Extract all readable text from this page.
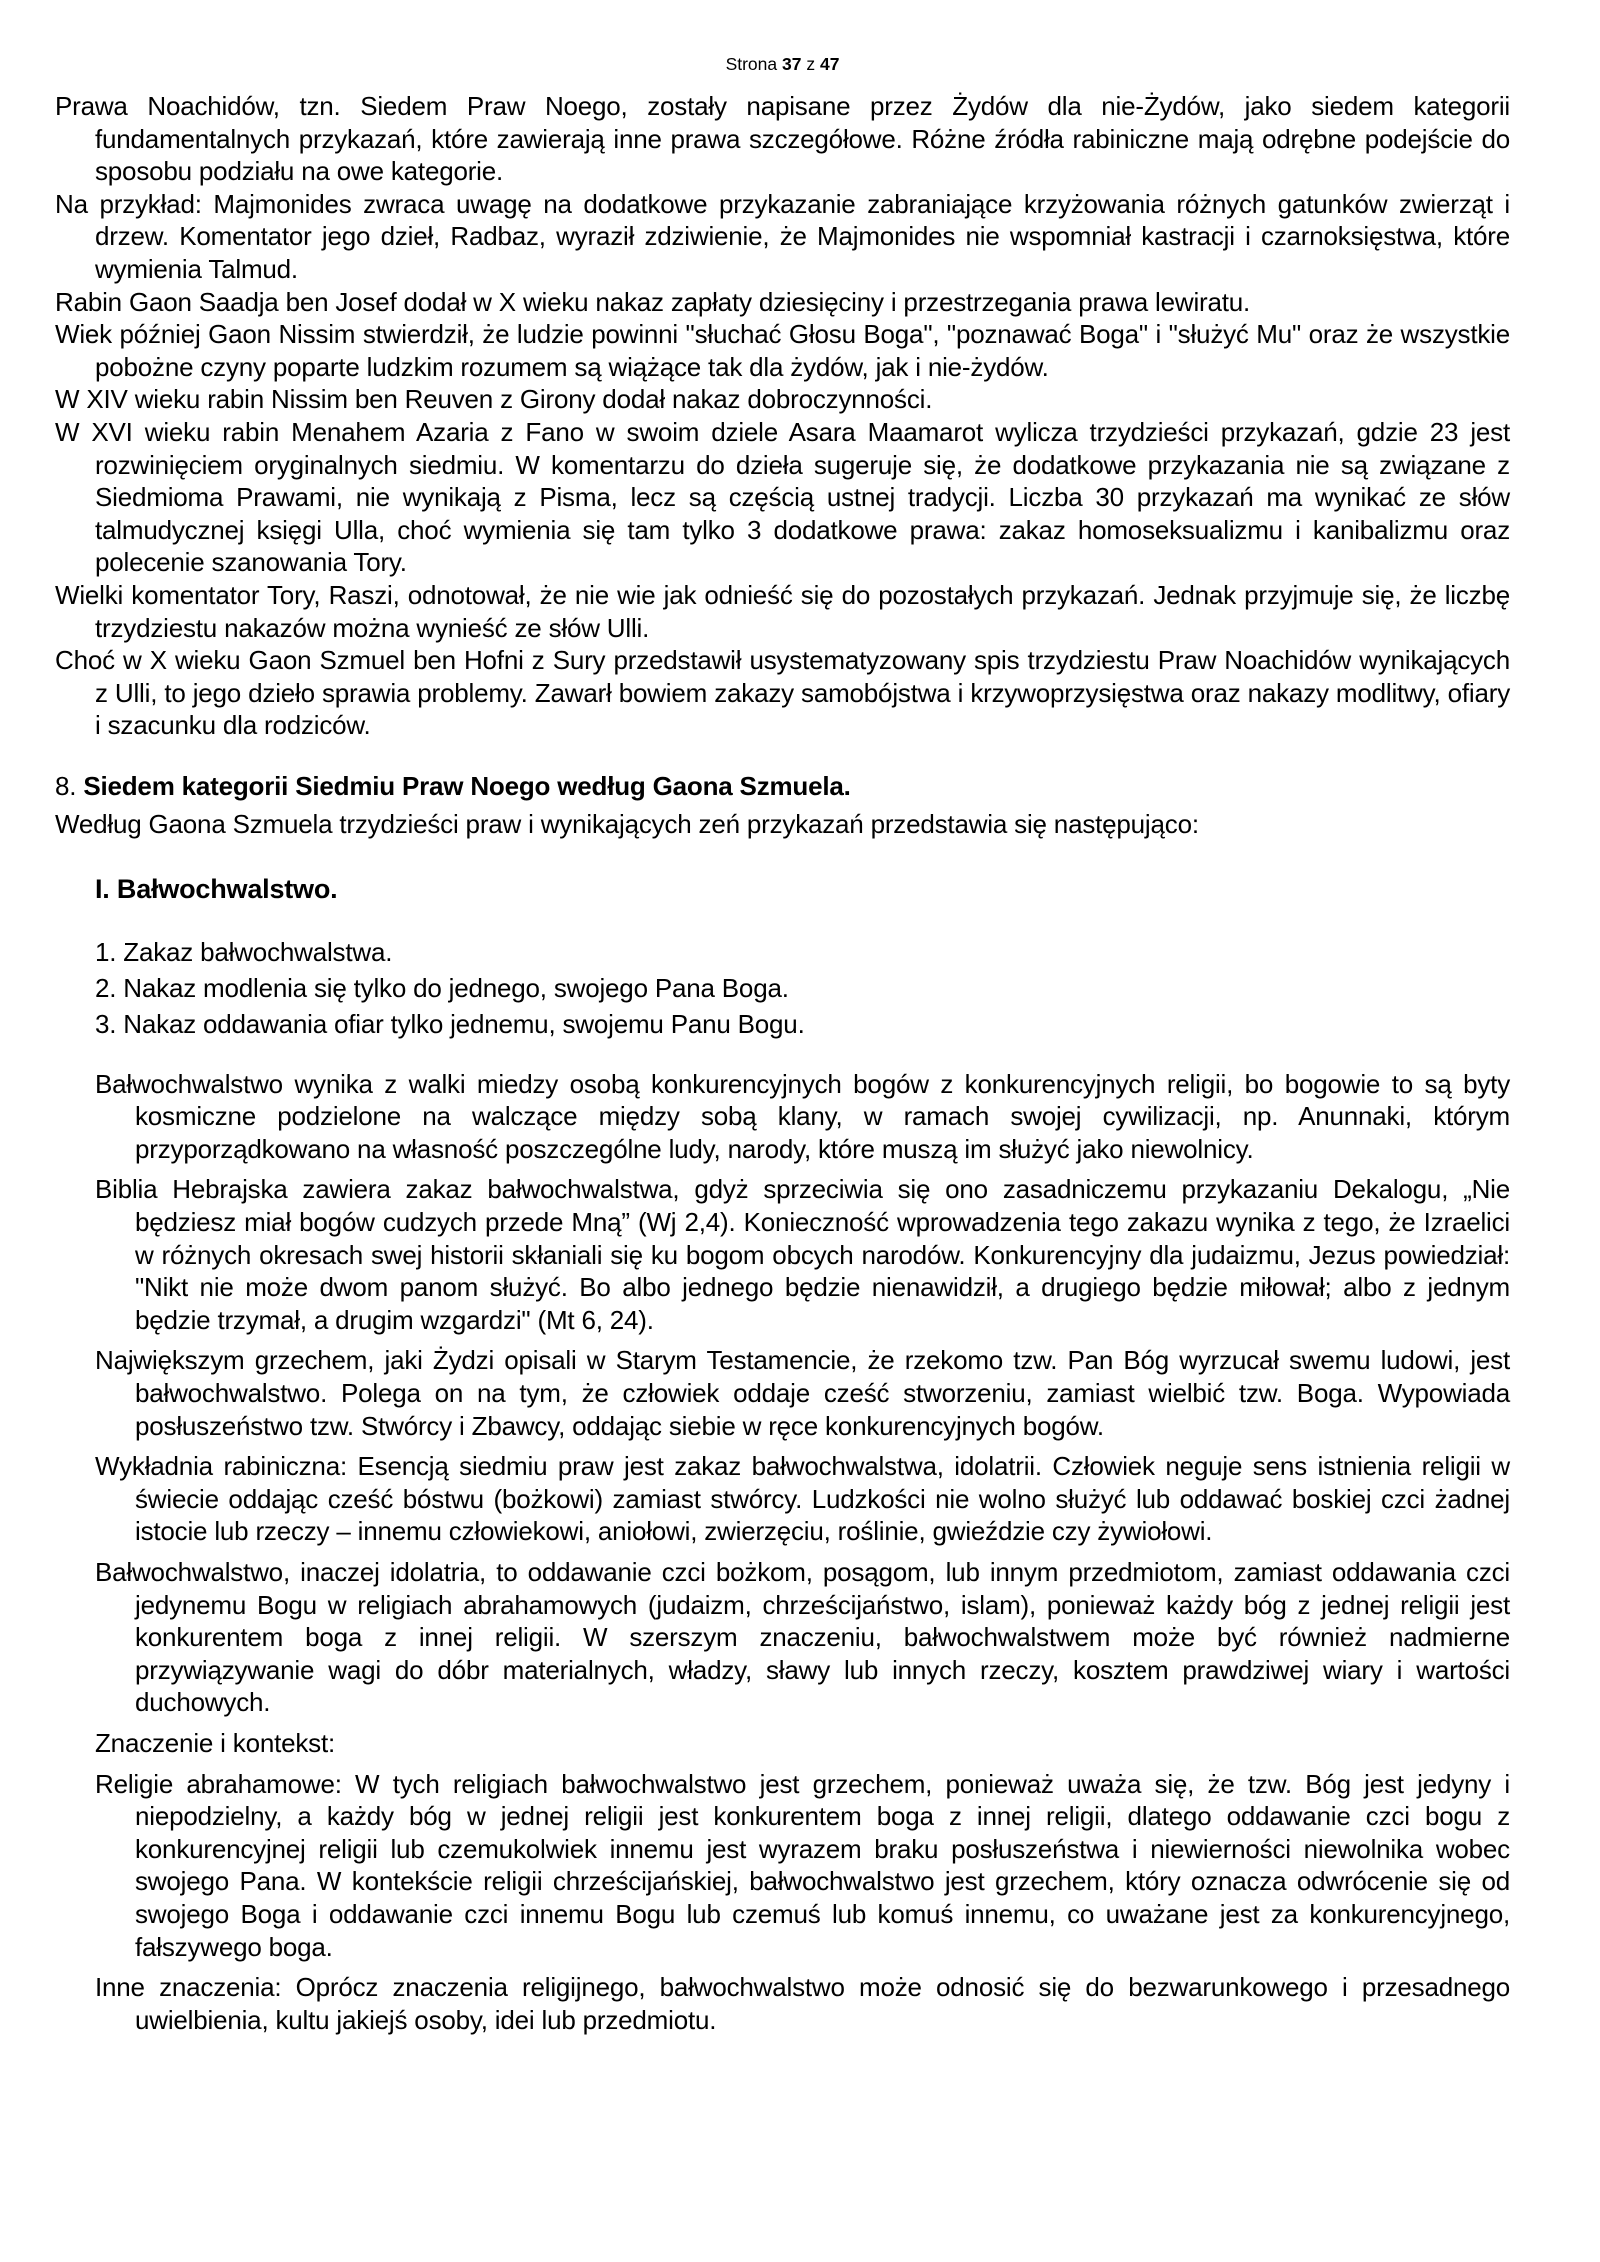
Strona 37 z 47

Prawa Noachidów, tzn. Siedem Praw Noego, zostały napisane przez Żydów dla nie-Żydów, jako siedem kategorii fundamentalnych przykazań, które zawierają inne prawa szczegółowe. Różne źródła rabiniczne mają odrębne podejście do sposobu podziału na owe kategorie.

Na przykład: Majmonides zwraca uwagę na dodatkowe przykazanie zabraniające krzyżowania różnych gatunków zwierząt i drzew. Komentator jego dzieł, Radbaz, wyraził zdziwienie, że Majmonides nie wspomniał kastracji i czarnoksięstwa, które wymienia Talmud.

Rabin Gaon Saadja ben Josef dodał w X wieku nakaz zapłaty dziesięciny i przestrzegania prawa lewiratu.

Wiek później Gaon Nissim stwierdził, że ludzie powinni "słuchać Głosu Boga", "poznawać Boga" i "służyć Mu" oraz że wszystkie pobożne czyny poparte ludzkim rozumem są wiążące tak dla żydów, jak i nie-żydów.

W XIV wieku rabin Nissim ben Reuven z Girony dodał nakaz dobroczynności.

W XVI wieku rabin Menahem Azaria z Fano w swoim dziele Asara Maamarot wylicza trzydzieści przykazań, gdzie 23 jest rozwinięciem oryginalnych siedmiu. W komentarzu do dzieła sugeruje się, że dodatkowe przykazania nie są związane z Siedmioma Prawami, nie wynikają z Pisma, lecz są częścią ustnej tradycji. Liczba 30 przykazań ma wynikać ze słów talmudycznej księgi Ulla, choć wymienia się tam tylko 3 dodatkowe prawa: zakaz homoseksualizmu i kanibalizmu oraz polecenie szanowania Tory.

Wielki komentator Tory, Raszi, odnotował, że nie wie jak odnieść się do pozostałych przykazań. Jednak przyjmuje się, że liczbę trzydziestu nakazów można wynieść ze słów Ulli.

Choć w X wieku Gaon Szmuel ben Hofni z Sury przedstawił usystematyzowany spis trzydziestu Praw Noachidów wynikających z Ulli, to jego dzieło sprawia problemy. Zawarł bowiem zakazy samobójstwa i krzywoprzysięstwa oraz nakazy modlitwy, ofiary i szacunku dla rodziców.

8. Siedem kategorii Siedmiu Praw Noego według Gaona Szmuela.

Według Gaona Szmuela trzydzieści praw i wynikających zeń przykazań przedstawia się następująco:

I. Bałwochwalstwo.
1. Zakaz bałwochwalstwa.
2. Nakaz modlenia się tylko do jednego, swojego Pana Boga.
3. Nakaz oddawania ofiar tylko jednemu, swojemu Panu Bogu.

Bałwochwalstwo wynika z walki miedzy osobą konkurencyjnych bogów z konkurencyjnych religii, bo bogowie to są byty kosmiczne podzielone na walczące między sobą klany, w ramach swojej cywilizacji, np. Anunnaki, którym przyporządkowano na własność poszczególne ludy, narody, które muszą im służyć jako niewolnicy.

Biblia Hebrajska zawiera zakaz bałwochwalstwa, gdyż sprzeciwia się ono zasadniczemu przykazaniu Dekalogu, „Nie będziesz miał bogów cudzych przede Mną” (Wj 2,4). Konieczność wprowadzenia tego zakazu wynika z tego, że Izraelici w różnych okresach swej historii skłaniali się ku bogom obcych narodów. Konkurencyjny dla judaizmu, Jezus powiedział: "Nikt nie może dwom panom służyć. Bo albo jednego będzie nienawidził, a drugiego będzie miłował; albo z jednym będzie trzymał, a drugim wzgardzi" (Mt 6, 24).

Największym grzechem, jaki Żydzi opisali w Starym Testamencie, że rzekomo tzw. Pan Bóg wyrzucał swemu ludowi, jest bałwochwalstwo. Polega on na tym, że człowiek oddaje cześć stworzeniu, zamiast wielbić tzw. Boga. Wypowiada posłuszeństwo tzw. Stwórcy i Zbawcy, oddając siebie w ręce konkurencyjnych bogów.

Wykładnia rabiniczna: Esencją siedmiu praw jest zakaz bałwochwalstwa, idolatrii. Człowiek neguje sens istnienia religii w świecie oddając cześć bóstwu (bożkowi) zamiast stwórcy. Ludzkości nie wolno służyć lub oddawać boskiej czci żadnej istocie lub rzeczy – innemu człowiekowi, aniołowi, zwierzęciu, roślinie, gwieździe czy żywiołowi.

Bałwochwalstwo, inaczej idolatria, to oddawanie czci bożkom, posągom, lub innym przedmiotom, zamiast oddawania czci jedynemu Bogu w religiach abrahamowych (judaizm, chrześcijaństwo, islam), ponieważ każdy bóg z jednej religii jest konkurentem boga z innej religii. W szerszym znaczeniu, bałwochwalstwem może być również nadmierne przywiązywanie wagi do dóbr materialnych, władzy, sławy lub innych rzeczy, kosztem prawdziwej wiary i wartości duchowych.

Znaczenie i kontekst:

Religie abrahamowe: W tych religiach bałwochwalstwo jest grzechem, ponieważ uważa się, że tzw. Bóg jest jedyny i niepodzielny, a każdy bóg w jednej religii jest konkurentem boga z innej religii, dlatego oddawanie czci bogu z konkurencyjnej religii lub czemukolwiek innemu jest wyrazem braku posłuszeństwa i niewierności niewolnika wobec swojego Pana. W kontekście religii chrześcijańskiej, bałwochwalstwo jest grzechem, który oznacza odwrócenie się od swojego Boga i oddawanie czci innemu Bogu lub czemuś lub komuś innemu, co uważane jest za konkurencyjnego, fałszywego boga.

Inne znaczenia: Oprócz znaczenia religijnego, bałwochwalstwo może odnosić się do bezwarunkowego i przesadnego uwielbienia, kultu jakiejś osoby, idei lub przedmiotu.
